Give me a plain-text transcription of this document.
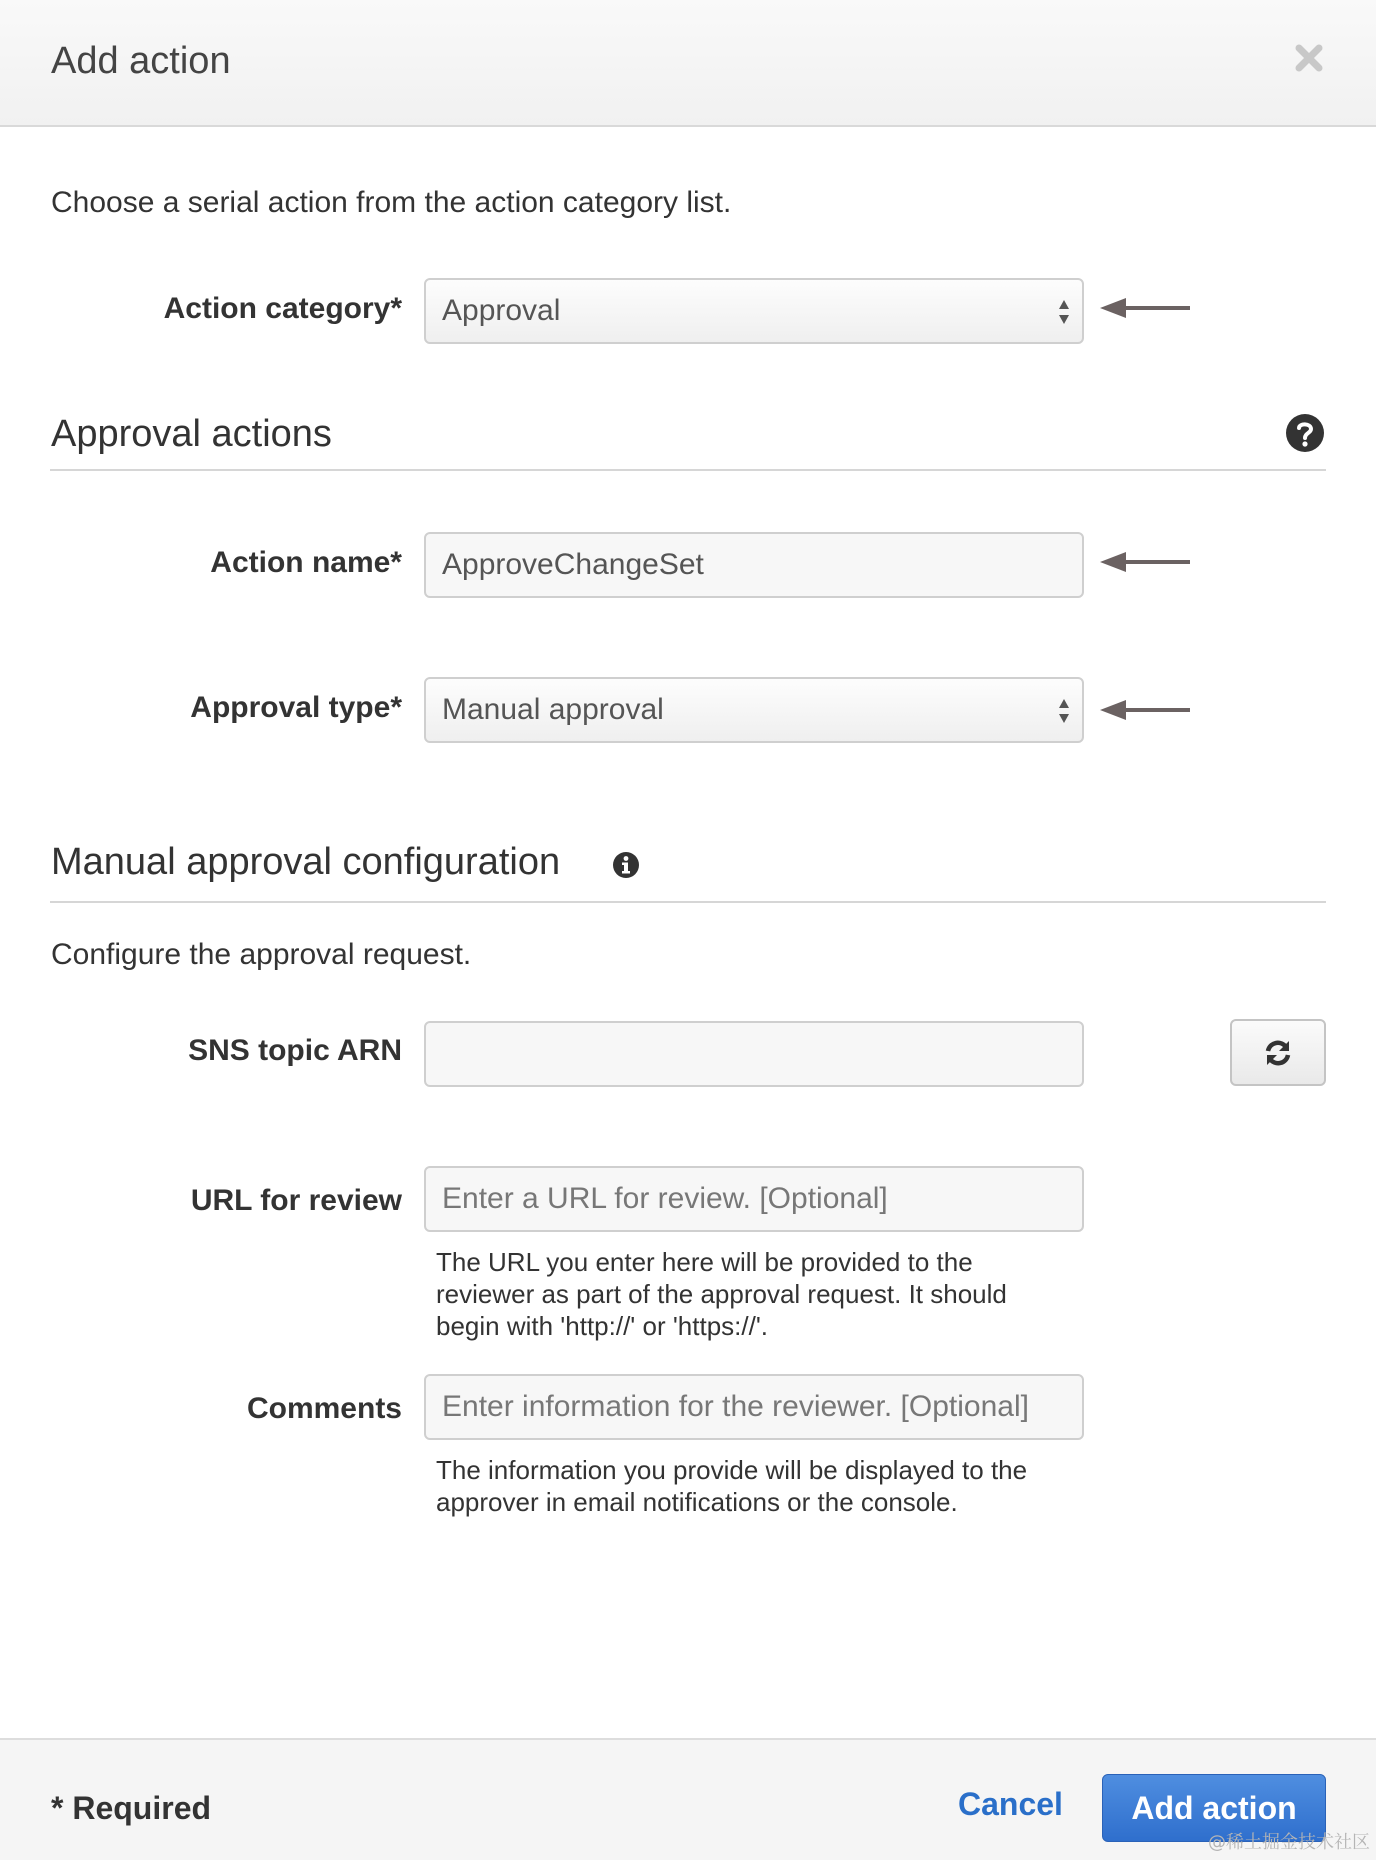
Add action

Choose a serial action from the action category list.

Action category* Approval
Approval actions
Action name* ApproveChangeSet
Approval type* Manual approval
Manual approval configuration

Configure the approval request.

SNS topic ARN
URL for review Enter a URL for review. [Optional]
The URL you enter here will be provided to the
reviewer as part of the approval request. It should
begin with 'http://' or 'https://'.
Comments Enter information for the reviewer. [Optional]
The information you provide will be displayed to the
approver in email notifications or the console.
* Required	Cancel	Add action
@稀土掘金技术社区
